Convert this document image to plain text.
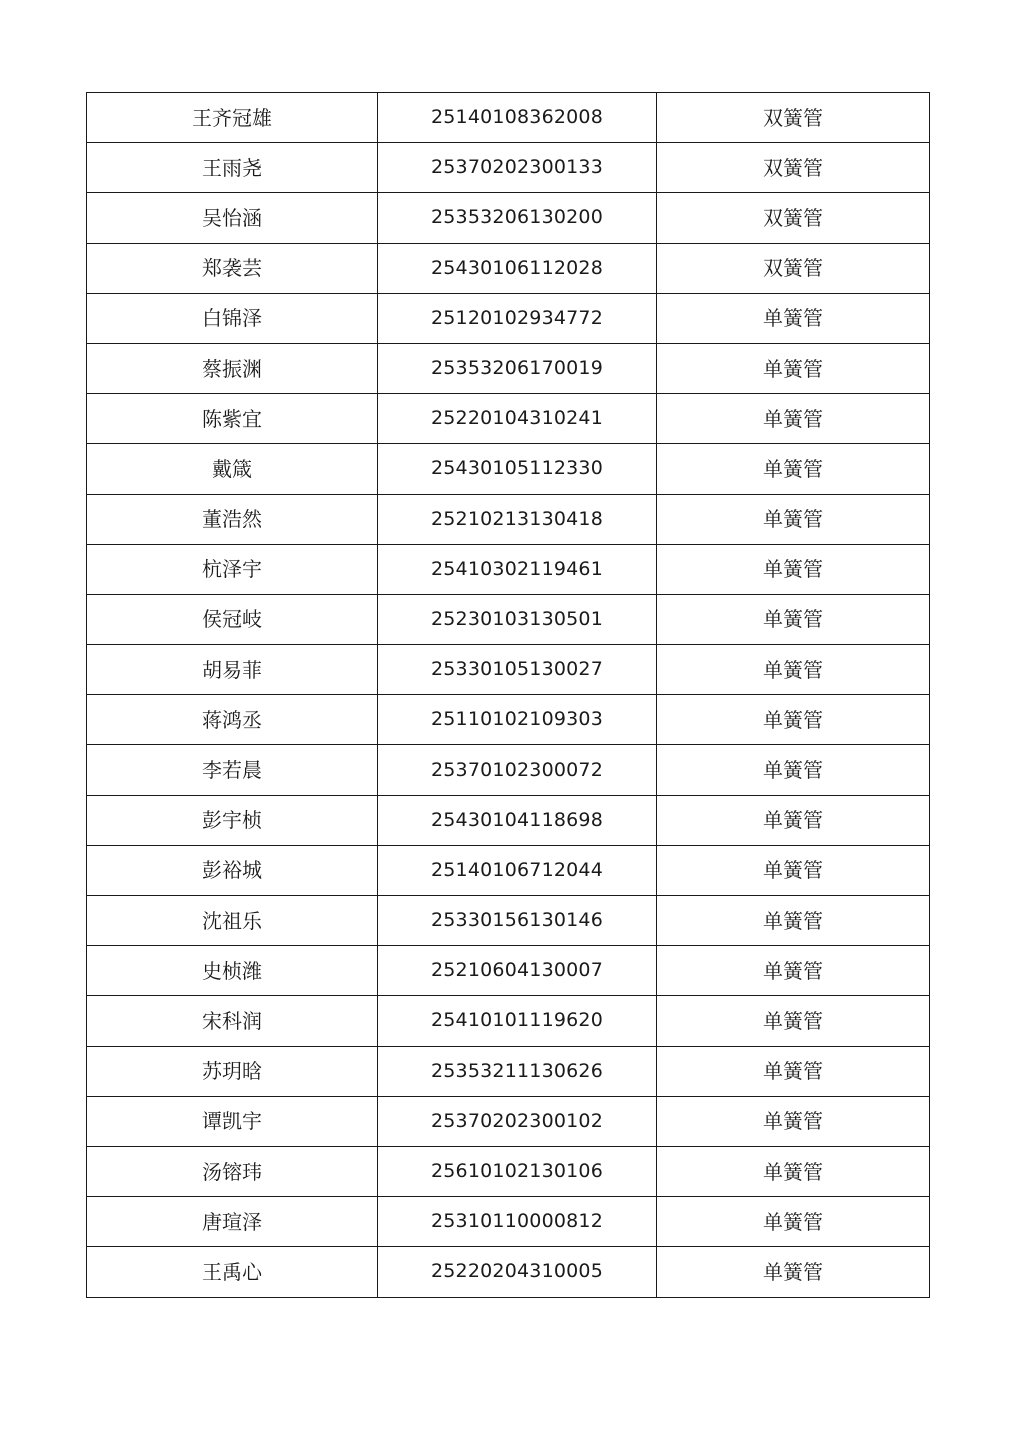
王齐冠雄	25140108362008	双簧管
王雨尧	25370202300133	双簧管
吴怡涵	25353206130200	双簧管
郑袭芸	25430106112028	双簧管
白锦泽	25120102934772	单簧管
蔡振渊	25353206170019	单簧管
陈紫宜	25220104310241	单簧管
戴箴	25430105112330	单簧管
董浩然	25210213130418	单簧管
杭泽宇	25410302119461	单簧管
侯冠岐	25230103130501	单簧管
胡易菲	25330105130027	单簧管
蒋鸿丞	25110102109303	单簧管
李若晨	25370102300072	单簧管
彭宇桢	25430104118698	单簧管
彭裕城	25140106712044	单簧管
沈祖乐	25330156130146	单簧管
史桢潍	25210604130007	单簧管
宋科润	25410101119620	单簧管
苏玥晗	25353211130626	单簧管
谭凯宇	25370202300102	单簧管
汤镕玮	25610102130106	单簧管
唐瑄泽	25310110000812	单簧管
王禹心	25220204310005	单簧管
